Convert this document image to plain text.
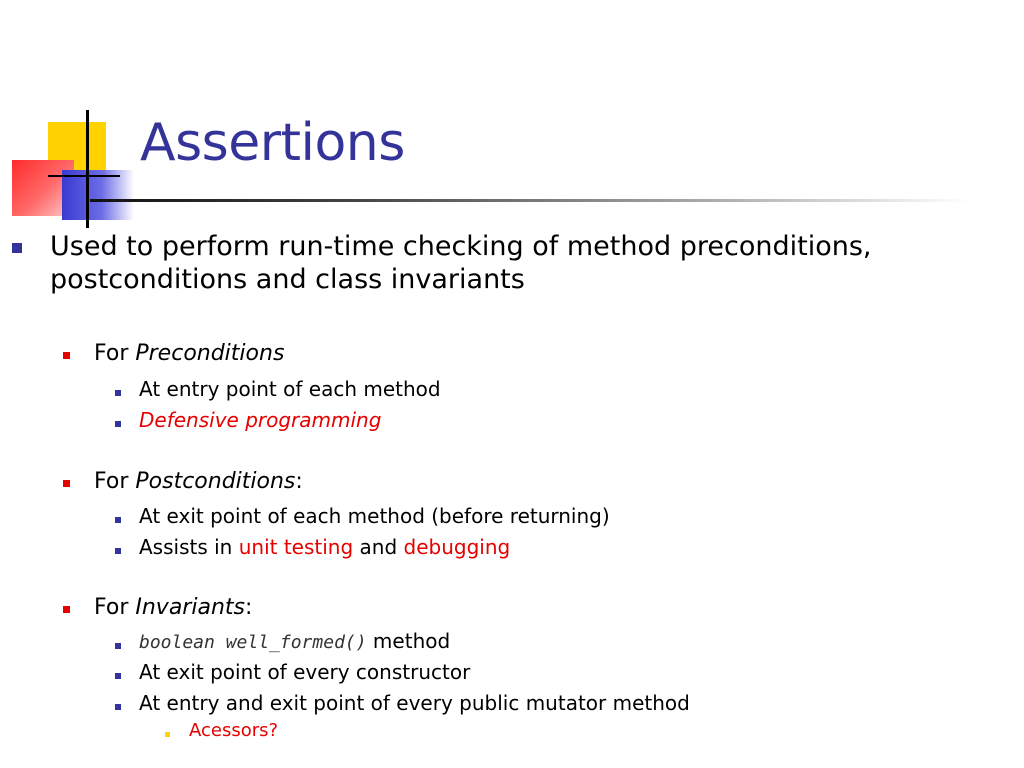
Assertions
Used to perform run-time checking of method preconditions,
postconditions and class invariants
For Preconditions
At entry point of each method
Defensive programming
For Postconditions:
At exit point of each method (before returning)
Assists in unit testing and debugging
For Invariants:
boolean well_formed() method
At exit point of every constructor
At entry and exit point of every public mutator method
Acessors?
